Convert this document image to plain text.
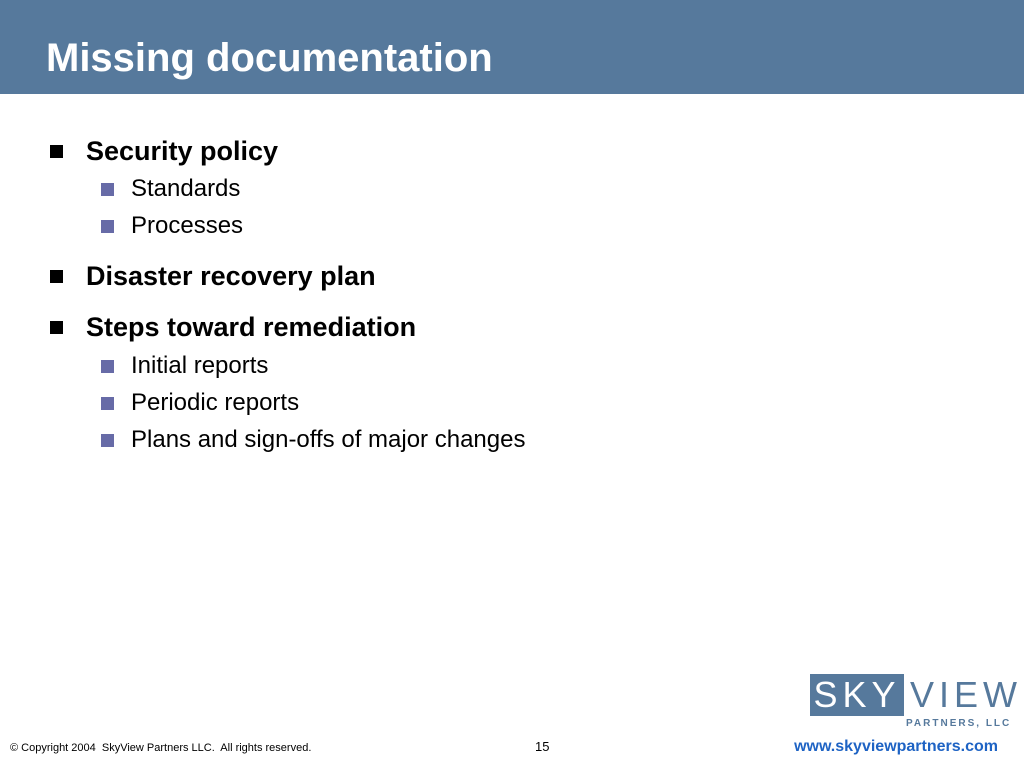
Missing documentation
Security policy
Standards
Processes
Disaster recovery plan
Steps toward remediation
Initial reports
Periodic reports
Plans and sign-offs of major changes
SKY VIEW
PARTNERS, LLC
© Copyright 2004  SkyView Partners LLC.  All rights reserved.	15	www.skyviewpartners.com
